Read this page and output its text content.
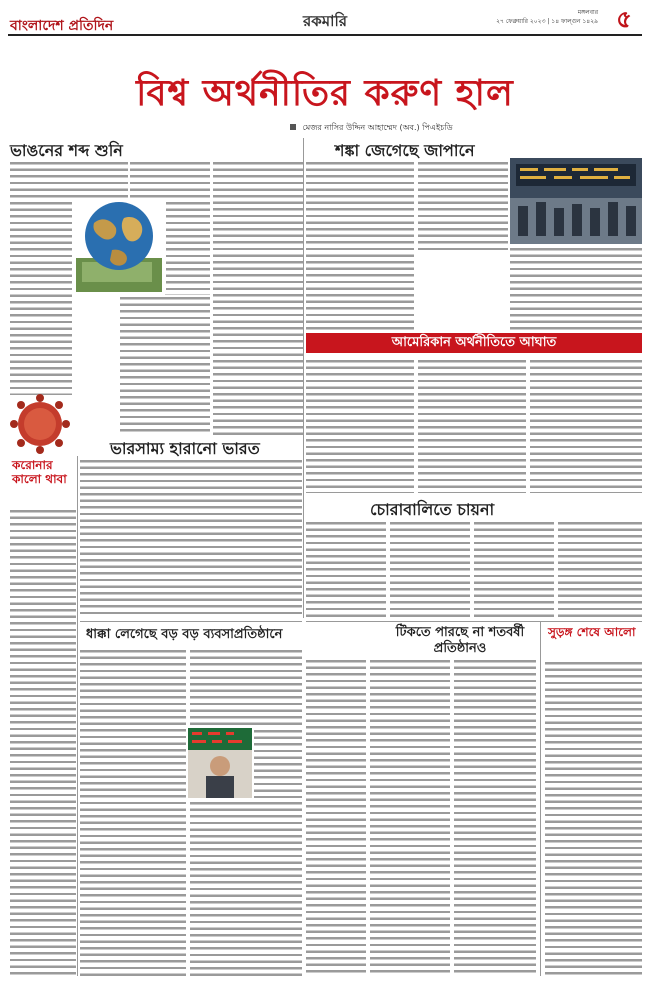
বাংলাদেশ প্রতিদিন	রকমারি	মঙ্গলবার
২৭ ফেব্রুয়ারি ২০২৩ | ১৪ ফাল্গুন ১৪২৯ ৫
বিশ্ব অর্থনীতির করুণ হাল
মেজর নাসির উদ্দিন আহাম্মেদ (অব.) পিএইচডি
ভাঙনের শব্দ শুনি	শঙ্কা জেগেছে জাপানে
আমেরিকান অর্থনীতিতে আঘাত
ভারসাম্য হারানো ভারত
চোরাবালিতে চায়না
করোনার কালো থাবা
ধাক্কা লেগেছে বড় বড় ব্যবসাপ্রতিষ্ঠানে	টিকতে পারছে না শতবর্ষী প্রতিষ্ঠানও
সুড়ঙ্গ শেষে আলো
